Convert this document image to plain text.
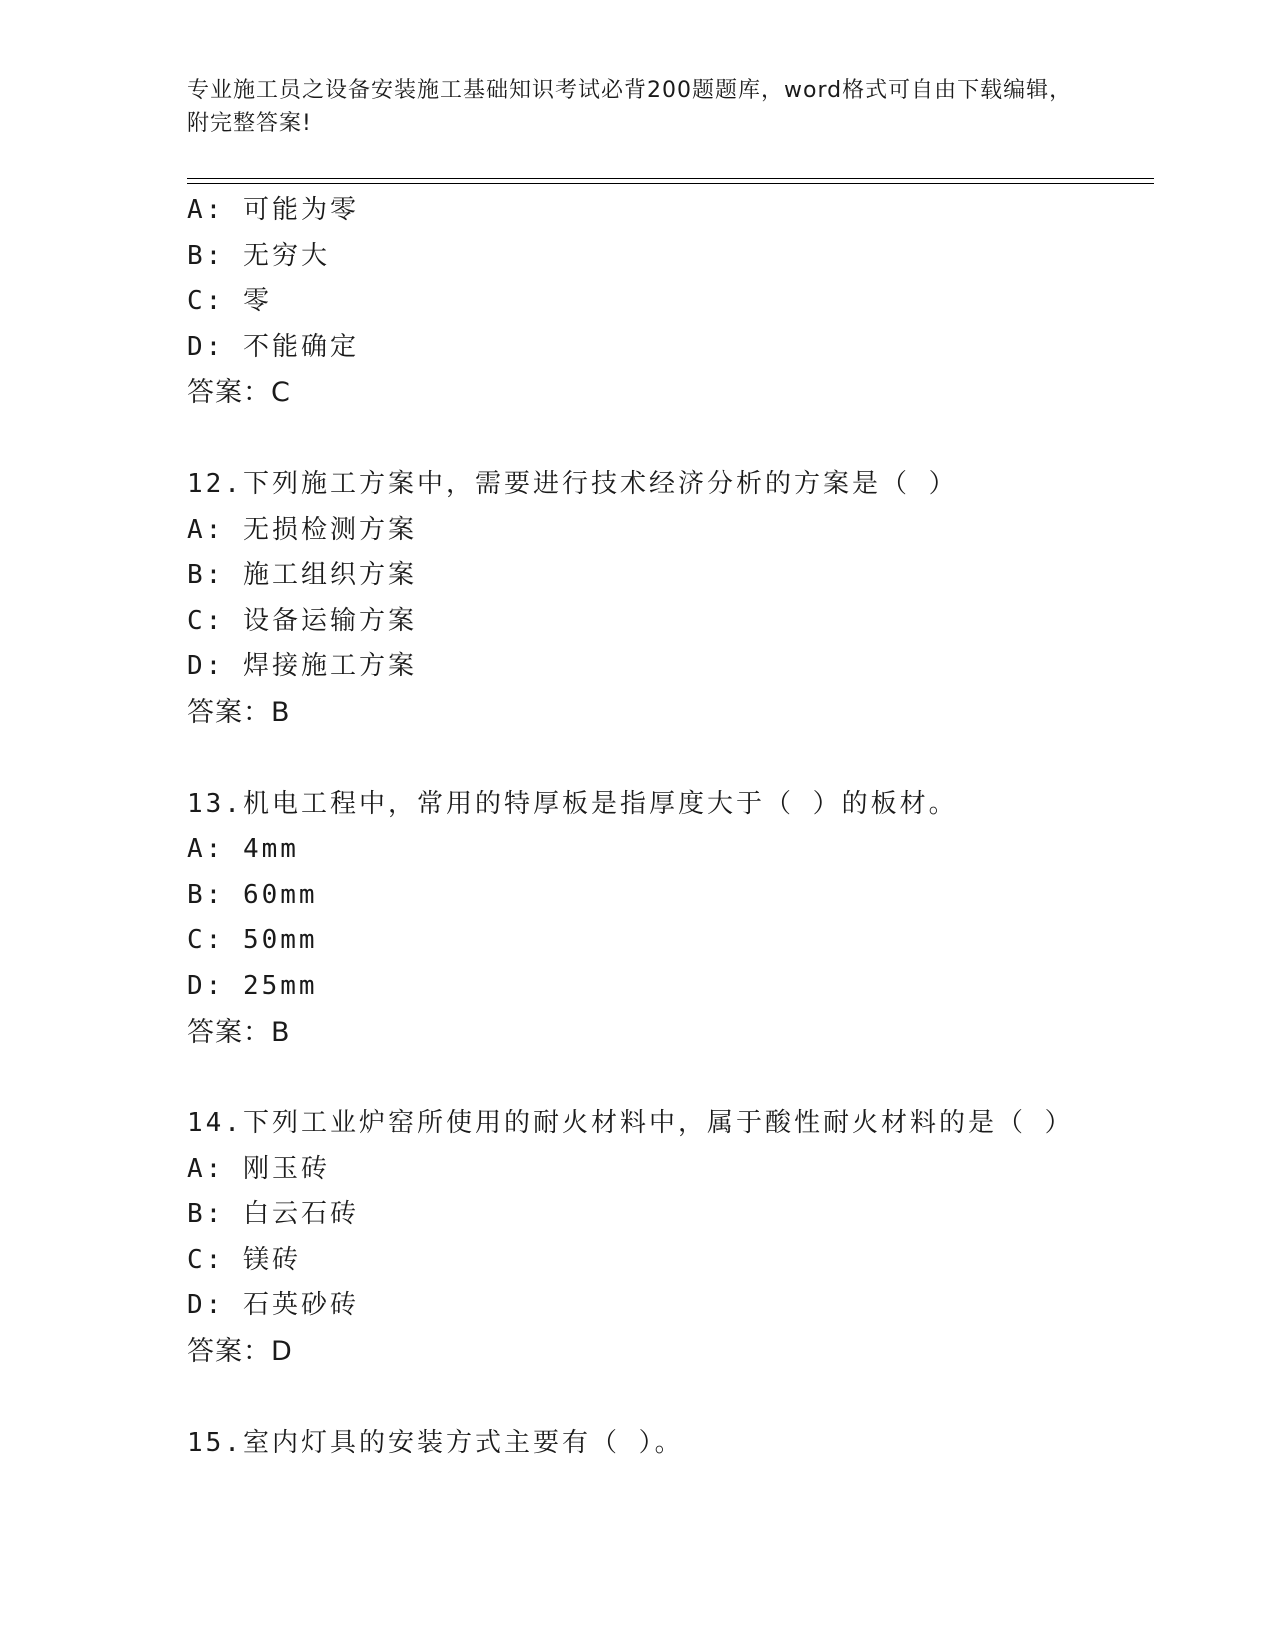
专业施工员之设备安装施工基础知识考试必背200题题库，word格式可自由下载编辑，附完整答案!
A: 可能为零
B: 无穷大
C: 零
D: 不能确定
答案：C
12.下列施工方案中，需要进行技术经济分析的方案是（ ）
A: 无损检测方案
B: 施工组织方案
C: 设备运输方案
D: 焊接施工方案
答案：B
13.机电工程中，常用的特厚板是指厚度大于（ ）的板材。
A: 4mm
B: 60mm
C: 50mm
D: 25mm
答案：B
14.下列工业炉窑所使用的耐火材料中，属于酸性耐火材料的是（ ）
A: 刚玉砖
B: 白云石砖
C: 镁砖
D: 石英砂砖
答案：D
15.室内灯具的安装方式主要有（ ）。
